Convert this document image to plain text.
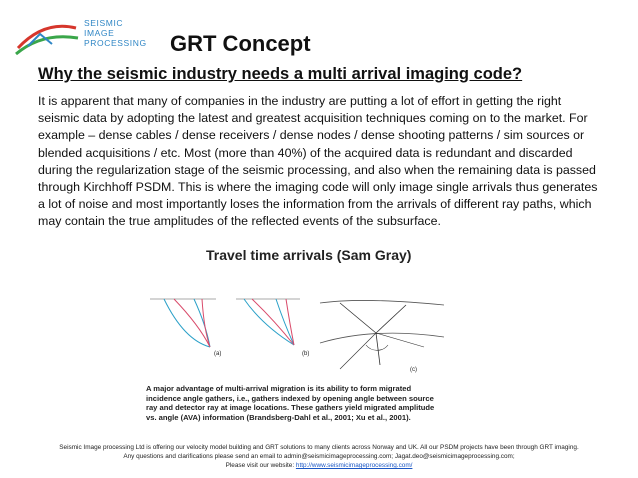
SEISMIC
IMAGE
PROCESSING GRT Concept
Why the seismic industry needs a multi arrival imaging code?

It is apparent that many of companies in the industry are putting a lot of effort in getting the right seismic data by adopting the latest and greatest acquisition techniques coming on to the market. For example – dense cables / dense receivers / dense nodes / dense shooting patterns / sim sources or blended acquisitions / etc. Most (more than 40%) of the acquired data is redundant and discarded during the regularization stage of the seismic processing, and also when the remaining data is passed through Kirchhoff PSDM. This is where the imaging code will only image single arrivals thus generates a lot of noise and most importantly loses the information from the arrivals of different ray paths, which may contain the true amplitudes of the reflected events of the subsurface.

Travel time arrivals (Sam Gray)
(a)	(b)
(c)

A major advantage of multi-arrival migration is its ability to form migrated incidence angle gathers, i.e., gathers indexed by opening angle between source ray and detector ray at image locations. These gathers yield migrated amplitude vs. angle (AVA) information (Brandsberg-Dahl et al., 2001; Xu et al., 2001).

Seismic Image processing Ltd is offering our velocity model building and GRT solutions to many clients across Norway and UK. All our PSDM projects have been through GRT imaging.
Any questions and clarifications please send an email to admin@seismicimageprocessing.com; Jagat.deo@seismicimageprocessing.com;
Please visit our website: http://www.seismicimageprocessing.com/
